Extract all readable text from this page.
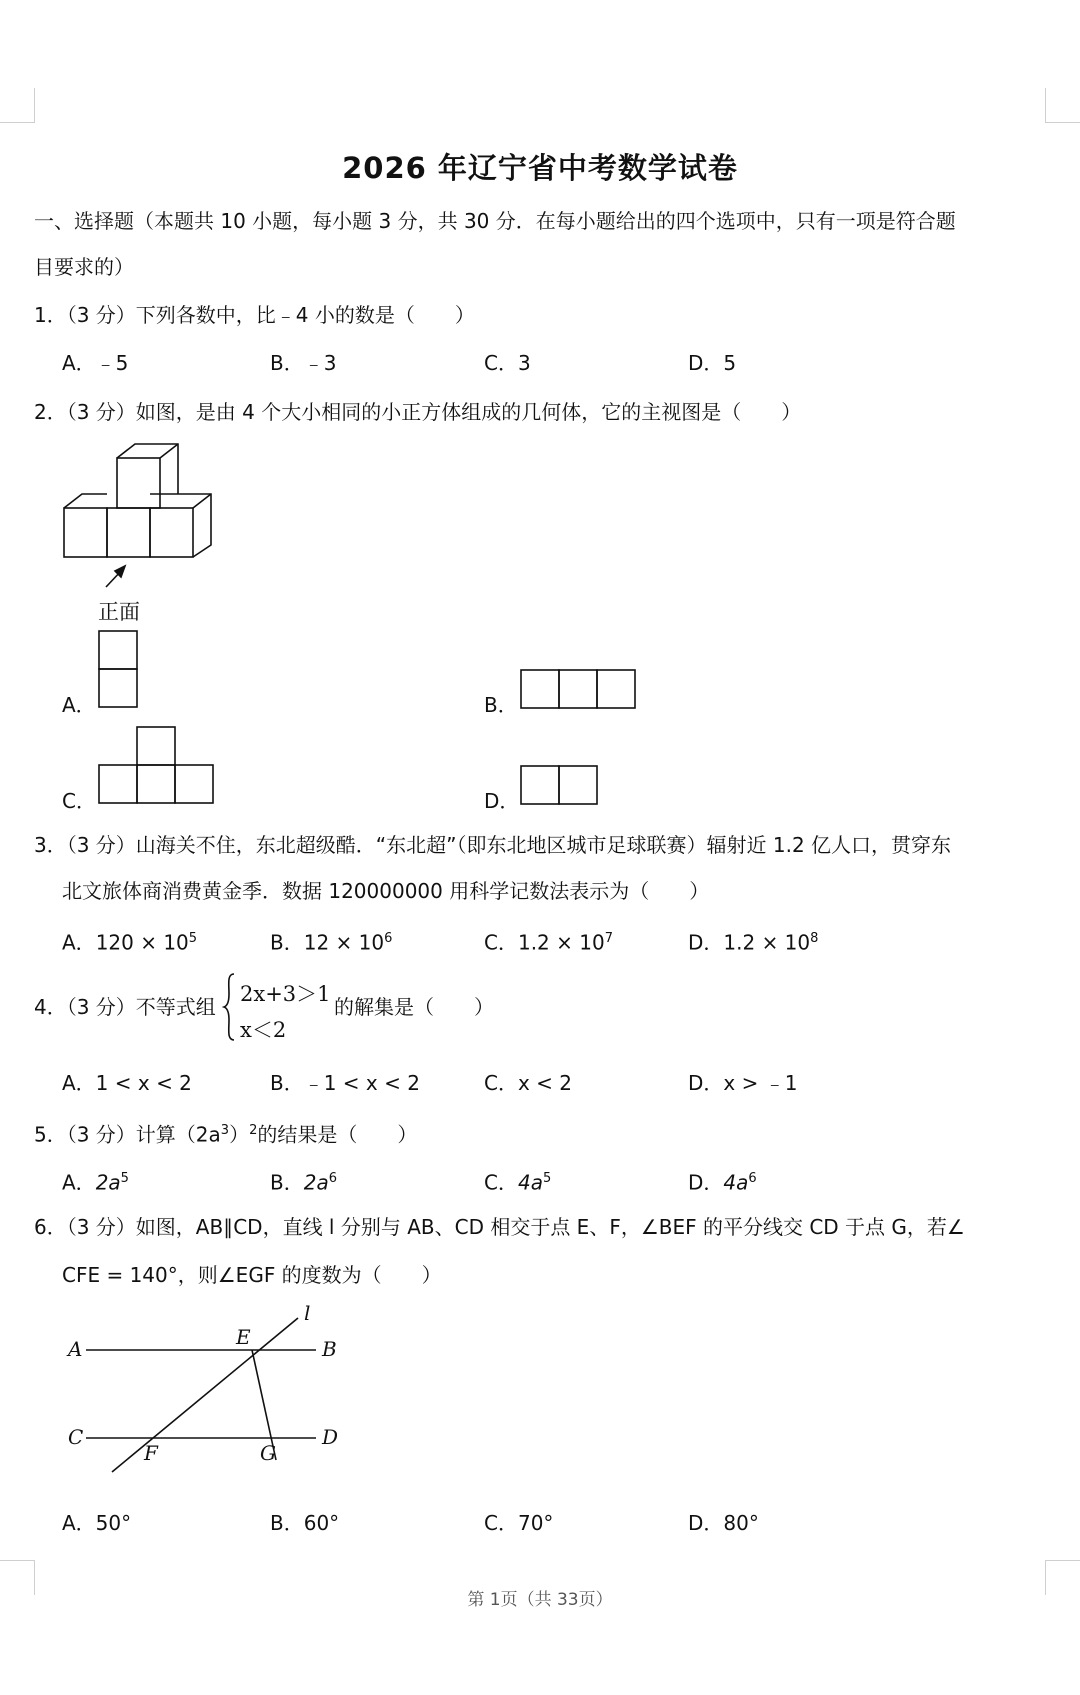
2026 年辽宁省中考数学试卷
一、选择题（本题共 10 小题，每小题 3 分，共 30 分．在每小题给出的四个选项中，只有一项是符合题
目要求的）
1．（3 分）下列各数中，比﹣4 小的数是（　　）
A．﹣5	B．﹣3	C．3	D．5
2．（3 分）如图，是由 4 个大小相同的小正方体组成的几何体，它的主视图是（　　）
正面
A．	B．
C．	D．
3．（3 分）山海关不住，东北超级酷．“东北超”（即东北地区城市足球联赛）辐射近 1.2 亿人口，贯穿东
北文旅体商消费黄金季．数据 120000000 用科学记数法表示为（　　）
A．$120 \times 10^5$	B．$12 \times 10^6$	C．$1.2 \times 10^7$	D．$1.2 \times 10^8$
4．（3 分）不等式组
2x+3＞1
x＜2
的解集是（　　）
A．1 < x < 2	B．﹣1 < x < 2	C．x < 2	D．x > ﹣1
5．（3 分）计算$(2a^3)^2$的结果是（　　）
A．$2a^5$	B．$2a^6$	C．$4a^5$	D．$4a^6$
6．（3 分）如图，AB∥CD，直线 l 分别与 AB、CD 相交于点 E、F，∠BEF 的平分线交 CD 于点 G，若∠
CFE = 140°，则∠EGF 的度数为（　　）
A	B
C	D
E
F	G
l
A．50°	B．60°	C．70°	D．80°
第 1页（共 33页）
